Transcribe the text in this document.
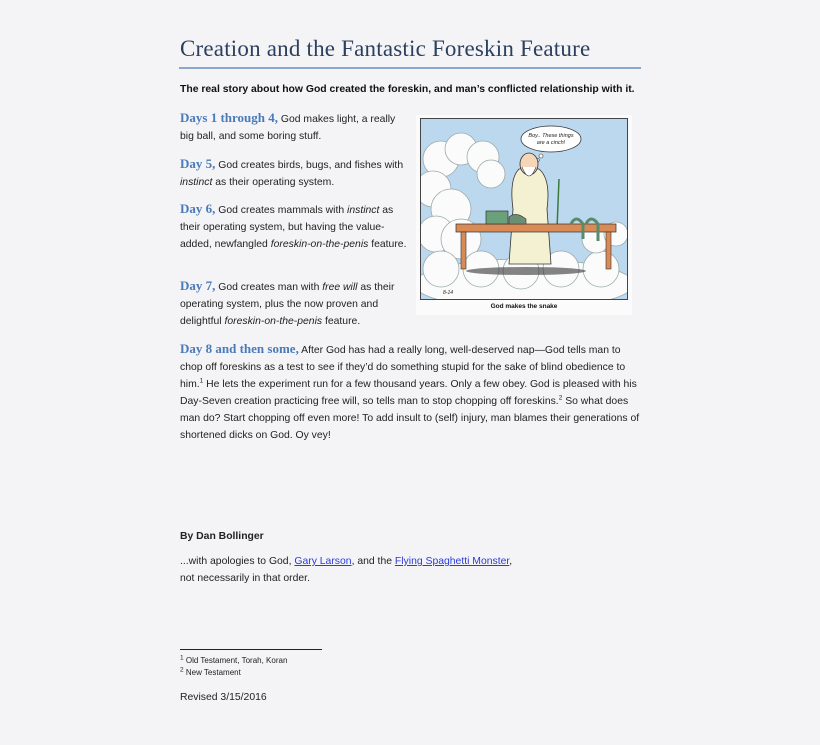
Creation and the Fantastic Foreskin Feature
The real story about how God created the foreskin, and man’s conflicted relationship with it.
Days 1 through 4, God makes light, a really big ball, and some boring stuff.
Day 5, God creates birds, bugs, and fishes with instinct as their operating system.
Day 6, God creates mammals with instinct as their operating system, but having the value-added, newfangled foreskin-on-the-penis feature.
Day 7, God creates man with free will as their operating system, plus the now proven and delightful foreskin-on-the-penis feature.
Boy.. These things
are a cinch!
8-14
God makes the snake
Day 8 and then some, After God has had a really long, well-deserved nap—God tells man to chop off foreskins as a test to see if they’d do something stupid for the sake of blind obedience to him.$^1$ He lets the experiment run for a few thousand years. Only a few obey. God is pleased with his Day-Seven creation practicing free will, so tells man to stop chopping off foreskins.$^2$ So what does man do? Start chopping off even more! To add insult to (self) injury, man blames their generations of shortened dicks on God. Oy vey!
By Dan Bollinger
...with apologies to God, Gary Larson, and the Flying Spaghetti Monster,
not necessarily in that order.
$^1$ Old Testament, Torah, Koran
$^2$ New Testament
Revised 3/15/2016
